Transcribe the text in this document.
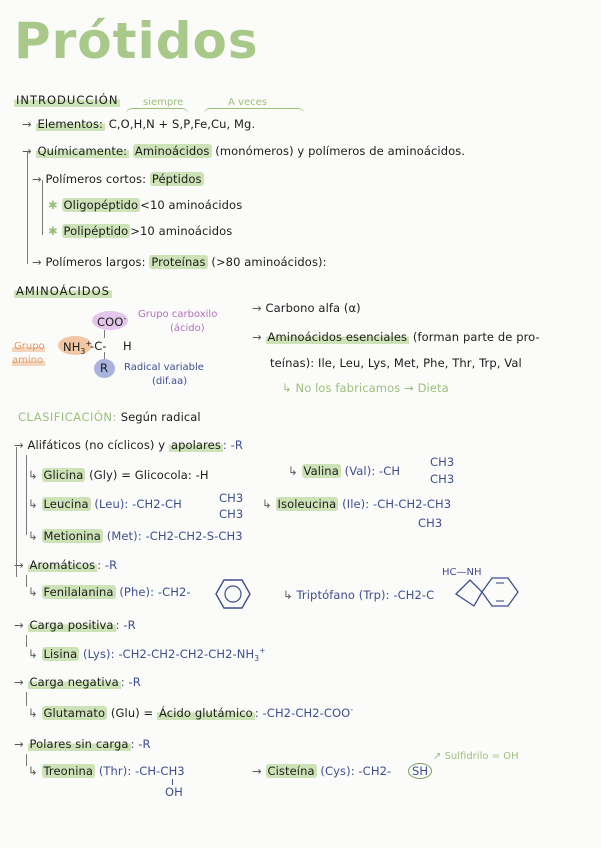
Prótidos
INTRODUCCIÓN siempre	A veces
→ Elementos: C,O,H,N + S,P,Fe,Cu, Mg.
→ Químicamente: Aminoácidos (monómeros) y polímeros de aminoácidos.
→ Polímeros cortos: Péptidos
✱ Oligopéptido <10 aminoácidos
✱ Polipéptido >10 aminoácidos
→ Polímeros largos: Proteínas (>80 aminoácidos):
AMINOÁCIDOS
COO-
$NH_3^+$
-C- H
R
Grupo amino
Grupo carboxilo
(ácido)
Radical variable
(dif.aa)
→ Carbono alfa (α)
→ Aminoácidos esenciales (forman parte de pro-
teínas): Ile, Leu, Lys, Met, Phe, Thr, Trp, Val
↳ No los fabricamos → Dieta
CLASIFICACIÓN: Según radical
→ Alifáticos (no cíclicos) y apolares : -R
↳ Glicina (Gly) = Glicocola: -H	↳ Valina (Val): -CH
CH3
CH3
↳ Leucina (Leu): -CH2-CH	CH3
CH3
↳ Isoleucina (Ile): -CH-CH2-CH3
CH3
↳ Metionina (Met): -CH2-CH2-S-CH3
→ Aromáticos : -R
↳ Fenilalanina (Phe): -CH2-	↳ Triptófano (Trp): -CH2-C
HC—NH
→ Carga positiva : -R
↳ Lisina (Lys): $-CH2-CH2-CH2-CH2-NH_3^+$
→ Carga negativa : -R
↳ Glutamato (Glu) = Ácido glutámico : -CH2-CH2-COO-
→ Polares sin carga : -R
↳ Treonina (Thr): -CH-CH3
OH
→ Cisteína (Cys): -CH2-	SH
↗ Sulfidrilo = OH
